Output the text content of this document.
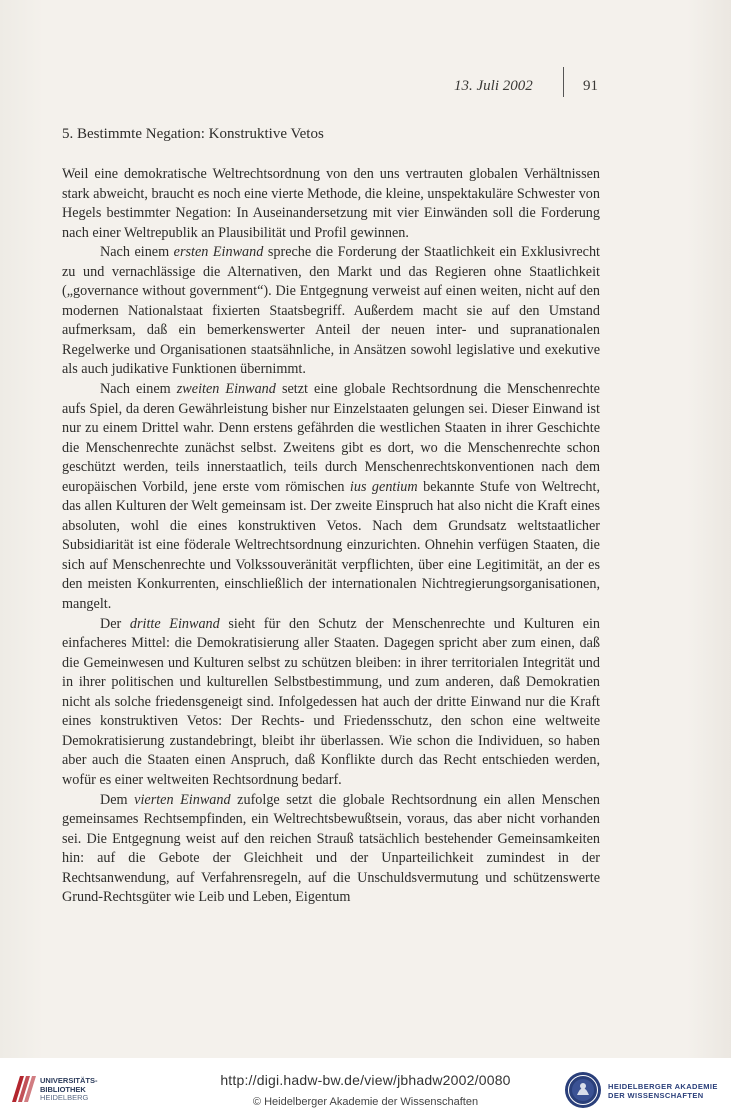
13. Juli 2002	91
5. Bestimmte Negation: Konstruktive Vetos

Weil eine demokratische Weltrechtsordnung von den uns vertrauten globalen Verhältnissen stark abweicht, braucht es noch eine vierte Methode, die kleine, unspektakuläre Schwester von Hegels bestimmter Negation: In Auseinandersetzung mit vier Einwänden soll die Forderung nach einer Weltrepublik an Plausibilität und Profil gewinnen.

Nach einem ersten Einwand spreche die Forderung der Staatlichkeit ein Exklusivrecht zu und vernachlässige die Alternativen, den Markt und das Regieren ohne Staatlichkeit („governance without government“). Die Entgegnung verweist auf einen weiten, nicht auf den modernen Nationalstaat fixierten Staatsbegriff. Außerdem macht sie auf den Umstand aufmerksam, daß ein bemerkenswerter Anteil der neuen inter- und supranationalen Regelwerke und Organisationen staatsähnliche, in Ansätzen sowohl legislative und exekutive als auch judikative Funktionen übernimmt.

Nach einem zweiten Einwand setzt eine globale Rechtsordnung die Menschenrechte aufs Spiel, da deren Gewährleistung bisher nur Einzelstaaten gelungen sei. Dieser Einwand ist nur zu einem Drittel wahr. Denn erstens gefährden die westlichen Staaten in ihrer Geschichte die Menschenrechte zunächst selbst. Zweitens gibt es dort, wo die Menschenrechte schon geschützt werden, teils innerstaatlich, teils durch Menschenrechtskonventionen nach dem europäischen Vorbild, jene erste vom römischen ius gentium bekannte Stufe von Weltrecht, das allen Kulturen der Welt gemeinsam ist. Der zweite Einspruch hat also nicht die Kraft eines absoluten, wohl die eines konstruktiven Vetos. Nach dem Grundsatz weltstaatlicher Subsidiarität ist eine föderale Weltrechtsordnung einzurichten. Ohnehin verfügen Staaten, die sich auf Menschenrechte und Volkssouveränität verpflichten, über eine Legitimität, an der es den meisten Konkurrenten, einschließlich der internationalen Nichtregierungsorganisationen, mangelt.

Der dritte Einwand sieht für den Schutz der Menschenrechte und Kulturen ein einfacheres Mittel: die Demokratisierung aller Staaten. Dagegen spricht aber zum einen, daß die Gemeinwesen und Kulturen selbst zu schützen bleiben: in ihrer territorialen Integrität und in ihrer politischen und kulturellen Selbstbestimmung, und zum anderen, daß Demokratien nicht als solche friedensgeneigt sind. Infolgedessen hat auch der dritte Einwand nur die Kraft eines konstruktiven Vetos: Der Rechts- und Friedensschutz, den schon eine weltweite Demokratisierung zustandebringt, bleibt ihr überlassen. Wie schon die Individuen, so haben aber auch die Staaten einen Anspruch, daß Konflikte durch das Recht entschieden werden, wofür es einer weltweiten Rechtsordnung bedarf.

Dem vierten Einwand zufolge setzt die globale Rechtsordnung ein allen Menschen gemeinsames Rechtsempfinden, ein Weltrechtsbewußtsein, voraus, das aber nicht vorhanden sei. Die Entgegnung weist auf den reichen Strauß tatsächlich bestehender Gemeinsamkeiten hin: auf die Gebote der Gleichheit und der Unparteilichkeit zumindest in der Rechtsanwendung, auf Verfahrensregeln, auf die Unschuldsvermutung und schützenswerte Grund-Rechtsgüter wie Leib und Leben, Eigentum

UNIVERSITÄTS-
BIBLIOTHEK
HEIDELBERG
http://digi.hadw-bw.de/view/jbhadw2002/0080
© Heidelberger Akademie der Wissenschaften
HEIDELBERGER AKADEMIE
DER WISSENSCHAFTEN
